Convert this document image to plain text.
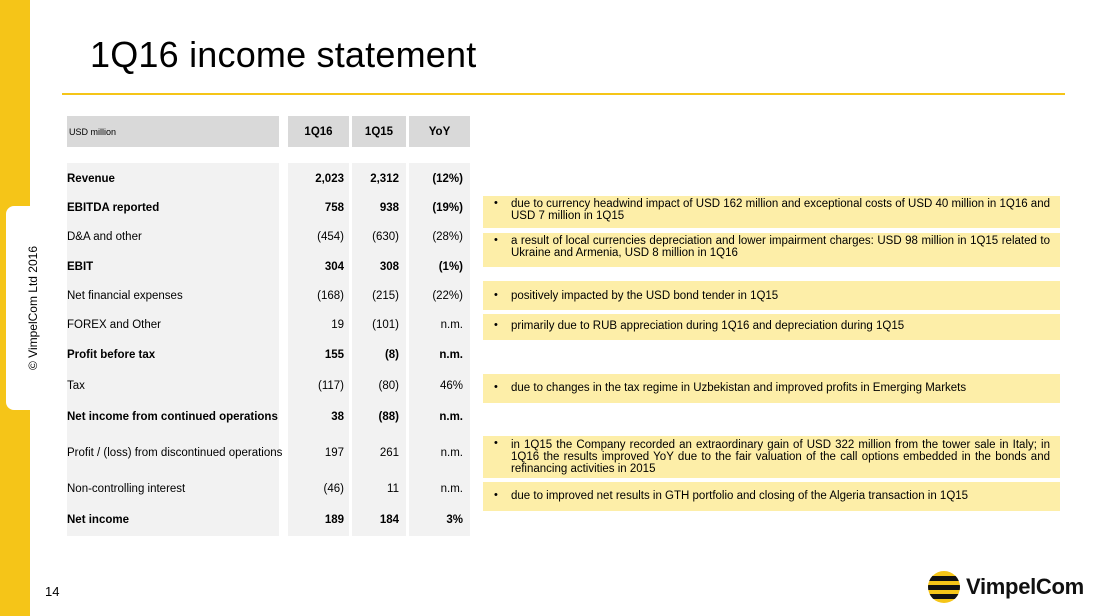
© VimpelCom Ltd 2016
1Q16 income statement
USD million	1Q16	1Q15	YoY
Revenue	2,023	2,312	(12%)
EBITDA reported	758	938	(19%)
D&A and other	(454)	(630)	(28%)
EBIT	304	308	(1%)
Net financial expenses	(168)	(215)	(22%)
FOREX and Other	19	(101)	n.m.
Profit before tax	155	(8)	n.m.
Tax	(117)	(80)	46%
Net income from continued operations	38	(88)	n.m.
Profit / (loss) from discontinued operations	197	261	n.m.
Non-controlling interest	(46)	11	n.m.
Net income	189	184	3%
• due to currency headwind impact of USD 162 million and exceptional costs of USD 40 million in 1Q16 and USD 7 million in 1Q15
• a result of local currencies depreciation and lower impairment charges: USD 98 million in 1Q15 related to Ukraine and Armenia, USD 8 million in 1Q16
• positively impacted by the USD bond tender in 1Q15
• primarily due to RUB appreciation during 1Q16 and depreciation during 1Q15
• due to changes in the tax regime in Uzbekistan and improved profits in Emerging Markets
• in 1Q15 the Company recorded an extraordinary gain of USD 322 million from the tower sale in Italy; in 1Q16 the results improved YoY due to the fair valuation of the call options embedded in the bonds and refinancing activities in 2015
• due to improved net results in GTH portfolio and closing of the Algeria transaction in 1Q15
14	VimpelCom
